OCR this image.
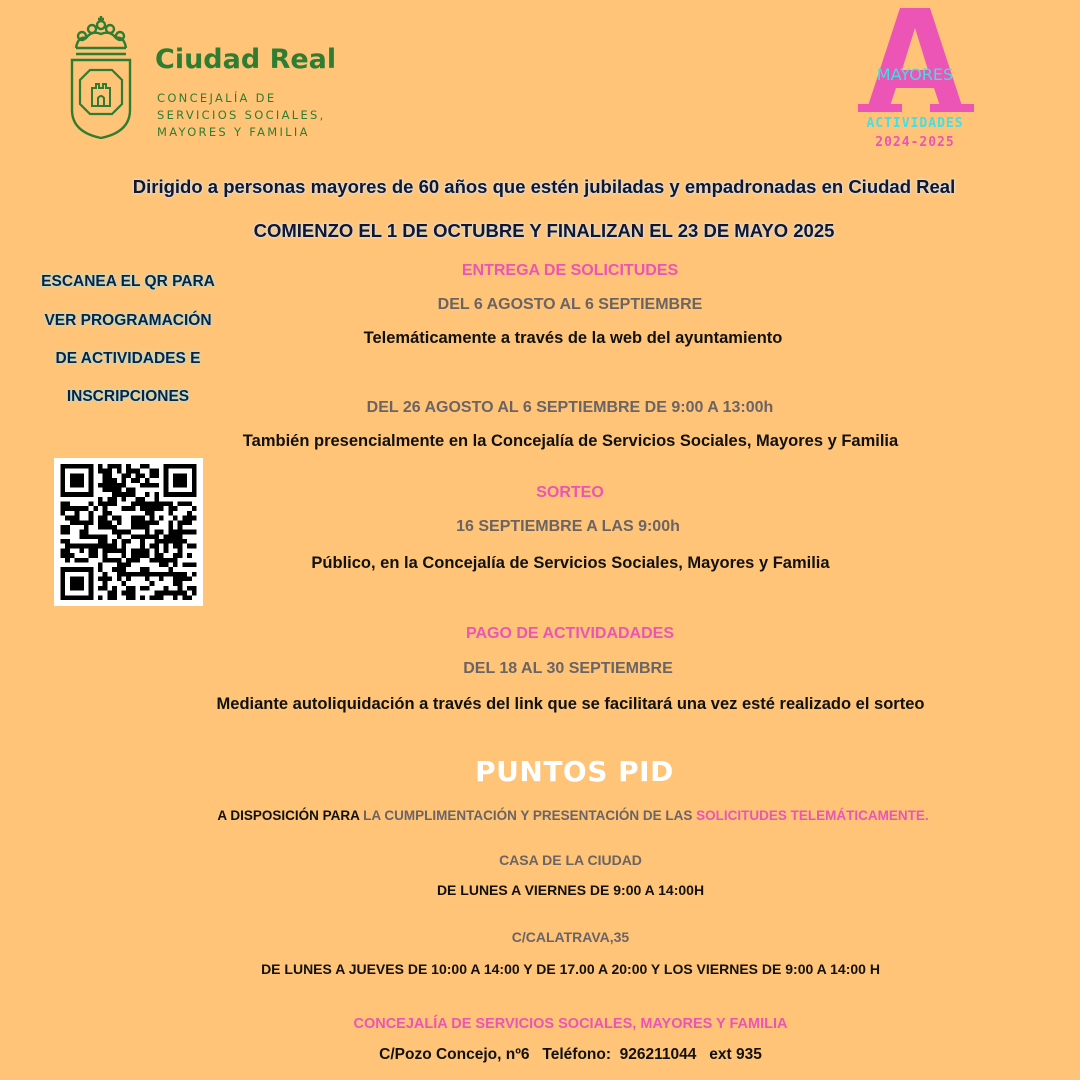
Ciudad Real
CONCEJALÍA DE
SERVICIOS SOCIALES,
MAYORES Y FAMILIA
MAYORES
ACTIVIDADES
2024-2025
Dirigido a personas mayores de 60 años que estén jubiladas y empadronadas en Ciudad Real
COMIENZO EL 1 DE OCTUBRE Y FINALIZAN EL 23 DE MAYO 2025
ESCANEA EL QR PARA
VER PROGRAMACIÓN
DE ACTIVIDADES E
INSCRIPCIONES
ENTREGA DE SOLICITUDES
DEL 6 AGOSTO AL 6 SEPTIEMBRE
Telemáticamente a través de la web del ayuntamiento
DEL 26 AGOSTO AL 6 SEPTIEMBRE DE 9:00 A 13:00h
También presencialmente en la Concejalía de Servicios Sociales, Mayores y Familia
SORTEO
16 SEPTIEMBRE A LAS 9:00h
Público, en la Concejalía de Servicios Sociales, Mayores y Familia
PAGO DE ACTIVIDADADES
DEL 18 AL 30 SEPTIEMBRE
Mediante autoliquidación a través del link que se facilitará una vez esté realizado el sorteo
PUNTOS PID
A DISPOSICIÓN PARA LA CUMPLIMENTACIÓN Y PRESENTACIÓN DE LAS SOLICITUDES TELEMÁTICAMENTE.
CASA DE LA CIUDAD
DE LUNES A VIERNES DE 9:00 A 14:00H
C/CALATRAVA,35
DE LUNES A JUEVES DE 10:00 A 14:00 Y DE 17.00 A 20:00 Y LOS VIERNES DE 9:00 A 14:00 H
CONCEJALÍA DE SERVICIOS SOCIALES, MAYORES Y FAMILIA
C/Pozo Concejo, nº6   Teléfono:  926211044   ext 935
